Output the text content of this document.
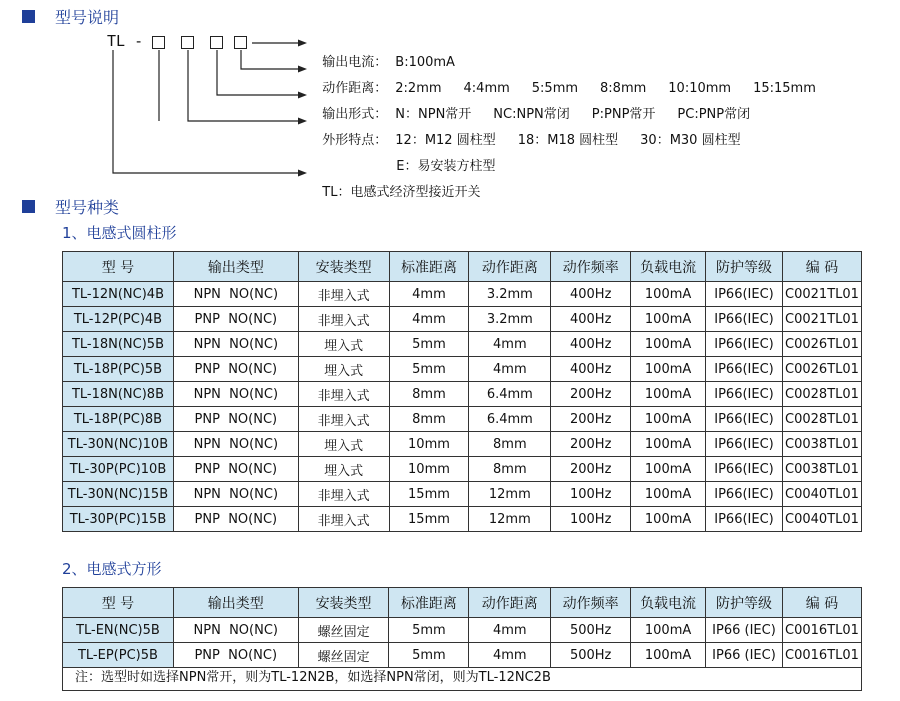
型号说明
TL -

输出电流： B:100mA

动作距离： 2:2mm 4:4mm 5:5mm 8:8mm 10:10mm 15:15mm

输出形式： N：NPN常开 NC:NPN常闭 P:PNP常开 PC:PNP常闭

外形特点： 12：M12 圆柱型 18：M18 圆柱型 30：M30 圆柱型

E：易安装方柱型

TL：电感式经济型接近开关

型号种类
1、电感式圆柱形
型 号	输出类型	安装类型	标准距离	动作距离	动作频率	负载电流	防护等级	编 码
TL-12N(NC)4B	NPN  NO(NC)	非埋入式	4mm	3.2mm	400Hz	100mA	IP66(IEC)	C0021TL01
TL-12P(PC)4B	PNP  NO(NC)	非埋入式	4mm	3.2mm	400Hz	100mA	IP66(IEC)	C0021TL01
TL-18N(NC)5B	NPN  NO(NC)	埋入式	5mm	4mm	400Hz	100mA	IP66(IEC)	C0026TL01
TL-18P(PC)5B	PNP  NO(NC)	埋入式	5mm	4mm	400Hz	100mA	IP66(IEC)	C0026TL01
TL-18N(NC)8B	NPN  NO(NC)	非埋入式	8mm	6.4mm	200Hz	100mA	IP66(IEC)	C0028TL01
TL-18P(PC)8B	PNP  NO(NC)	非埋入式	8mm	6.4mm	200Hz	100mA	IP66(IEC)	C0028TL01
TL-30N(NC)10B	NPN  NO(NC)	埋入式	10mm	8mm	200Hz	100mA	IP66(IEC)	C0038TL01
TL-30P(PC)10B	PNP  NO(NC)	埋入式	10mm	8mm	200Hz	100mA	IP66(IEC)	C0038TL01
TL-30N(NC)15B	NPN  NO(NC)	非埋入式	15mm	12mm	100Hz	100mA	IP66(IEC)	C0040TL01
TL-30P(PC)15B	PNP  NO(NC)	非埋入式	15mm	12mm	100Hz	100mA	IP66(IEC)	C0040TL01
2、电感式方形
型 号	输出类型	安装类型	标准距离	动作距离	动作频率	负载电流	防护等级	编 码
TL-EN(NC)5B	NPN  NO(NC)	螺丝固定	5mm	4mm	500Hz	100mA	IP66 (IEC)	C0016TL01
TL-EP(PC)5B	PNP  NO(NC)	螺丝固定	5mm	4mm	500Hz	100mA	IP66 (IEC)	C0016TL01
注：选型时如选择NPN常开，则为TL-12N2B，如选择NPN常闭，则为TL-12NC2B
